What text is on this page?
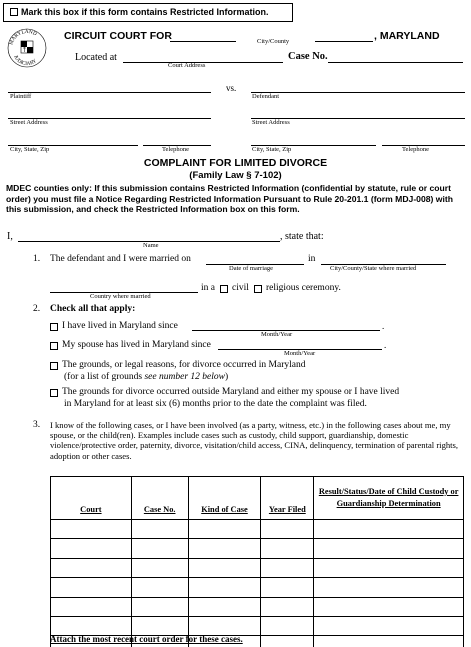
Mark this box if this form contains Restricted Information.
MARYLAND
JUDICIARY
CIRCUIT COURT FOR	, MARYLAND
City/County
Located at
Court Address
Case No.
vs.
Plaintiff	Defendant
Street Address	Street Address
City, State, Zip	Telephone	City, State, Zip	Telephone
COMPLAINT FOR LIMITED DIVORCE
(Family Law § 7-102)
MDEC counties only: If this submission contains Restricted Information (confidential by statute, rule or court order) you must file a Notice Regarding Restricted Information Pursuant to Rule 20-201.1 (form MDJ-008) with this submission, and check the Restricted Information box on this form.
I,	, state that:
Name
1. The defendant and I were married on	in
Date of marriage	City/County/State where married
in a civil religious ceremony.
Country where married
2. Check all that apply:
I have lived in Maryland since	.
Month/Year
My spouse has lived in Maryland since	.
Month/Year
The grounds, or legal reasons, for divorce occurred in Maryland
(for a list of grounds see number 12 below)
The grounds for divorce occurred outside Maryland and either my spouse or I have lived
in Maryland for at least six (6) months prior to the date the complaint was filed.
3. I know of the following cases, or I have been involved (as a party, witness, etc.) in the following cases about me, my spouse, or the child(ren). Examples include cases such as custody, child support, guardianship, domestic violence/protective order, paternity, divorce, visitation/child access, CINA, delinquency, termination of parental rights, adoption or other cases.
Court	Case No.	Kind of Case	Year Filed	Result/Status/Date of Child Custody or Guardianship Determination

Attach the most recent court order for these cases.
